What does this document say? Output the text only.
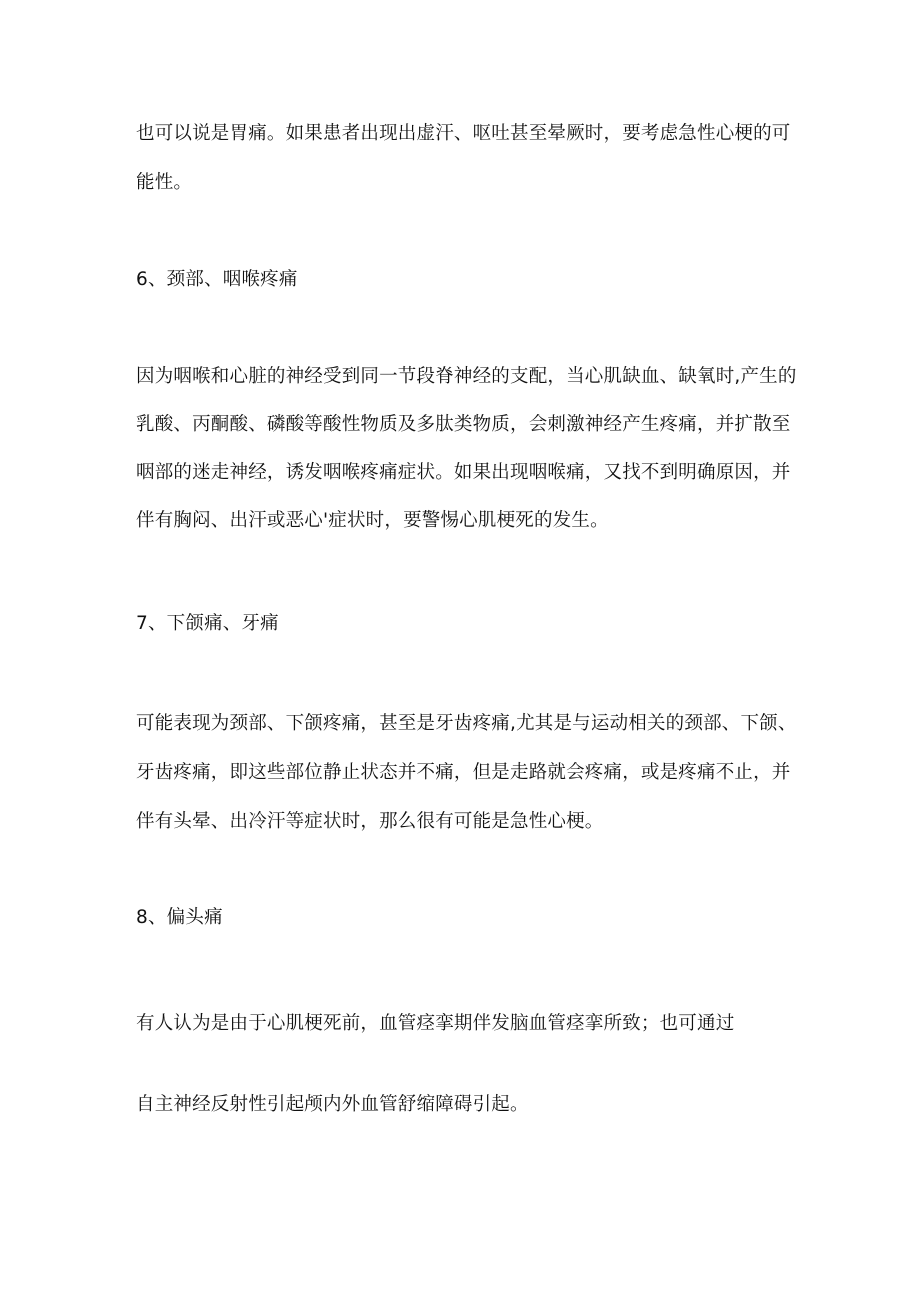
也可以说是胃痛。如果患者出现出虚汗、呕吐甚至晕厥时，要考虑急性心梗的可
能性。
6、颈部、咽喉疼痛
因为咽喉和心脏的神经受到同一节段脊神经的支配，当心肌缺血、缺氧时,产生的
乳酸、丙酮酸、磷酸等酸性物质及多肽类物质，会刺激神经产生疼痛，并扩散至
咽部的迷走神经，诱发咽喉疼痛症状。如果出现咽喉痛，又找不到明确原因，并
伴有胸闷、出汗或恶心'症状时，要警惕心肌梗死的发生。
7、下颌痛、牙痛
可能表现为颈部、下颌疼痛，甚至是牙齿疼痛,尤其是与运动相关的颈部、下颌、
牙齿疼痛，即这些部位静止状态并不痛，但是走路就会疼痛，或是疼痛不止，并
伴有头晕、出冷汗等症状时，那么很有可能是急性心梗。
8、偏头痛
有人认为是由于心肌梗死前，血管痉挛期伴发脑血管痉挛所致；也可通过
自主神经反射性引起颅内外血管舒缩障碍引起。
